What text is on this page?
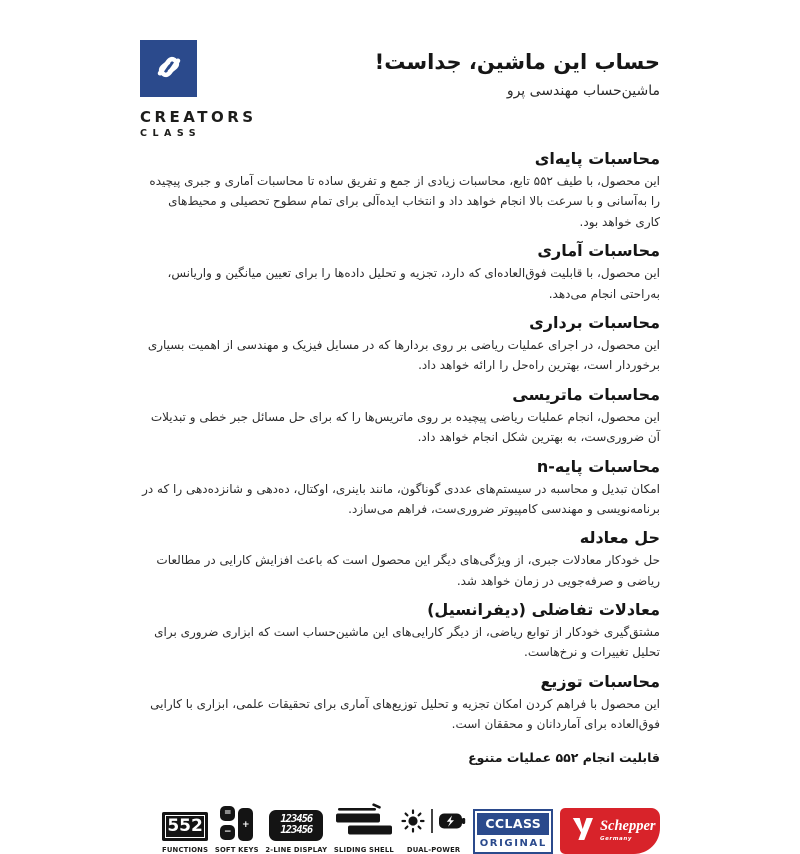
CREATORS
CLASS
حساب این ماشین، جداست!
ماشین‌حساب مهندسی پرو
محاسبات پایه‌ای

این محصول، با طیف ۵۵۲ تابع، محاسبات زیادی از جمع و تفریق ساده تا محاسبات آماری و جبری پیچیده را به‌آسانی و با سرعت بالا انجام خواهد داد و انتخاب ایده‌آلی برای تمام سطوح تحصیلی و محیط‌های کاری خواهد بود.

محاسبات آماری

این محصول، با قابلیت فوق‌العاده‌ای که دارد، تجزیه و تحلیل داده‌ها را برای تعیین میانگین و واریانس، به‌راحتی انجام می‌دهد.

محاسبات برداری

این محصول، در اجرای عملیات ریاضی بر روی بردارها که در مسایل فیزیک و مهندسی از اهمیت بسیاری برخوردار است، بهترین راه‌حل را ارائه خواهد داد.

محاسبات ماتریسی

این محصول، انجام عملیات ریاضی پیچیده بر روی ماتریس‌ها را که برای حل مسائل جبر خطی و تبدیلات آن ضروری‌ست، به بهترین شکل انجام خواهد داد.

محاسبات پایه-n

امکان تبدیل و محاسبه در سیستم‌های عددی گوناگون، مانند باینری، اوکتال، ده‌دهی و شانزده‌دهی را که در برنامه‌نویسی و مهندسی کامپیوتر ضروری‌ست، فراهم می‌سازد.

حل معادله

حل خودکار معادلات جبری، از ویژگی‌های دیگر این محصول است که باعث افزایش کارایی در مطالعات ریاضی و صرفه‌جویی در زمان خواهد شد.

معادلات تفاضلی (دیفرانسیل)

مشتق‌گیری خودکار از توابع ریاضی، از دیگر کارایی‌های این ماشین‌حساب است که ابزاری ضروری برای تحلیل تغییرات و نرخ‌هاست.

محاسبات توزیع

این محصول با فراهم کردن امکان تجزیه و تحلیل توزیع‌های آماری برای تحقیقات علمی، ابزاری با کارایی فوق‌العاده برای آماردانان و محققان است.

قابلیت انجام ۵۵۲ عملیات متنوع
552
FUNCTIONS
=
−
+
SOFT KEYS
123456
123456
2-LINE DISPLAY SLIDING SHELL DUAL-POWER
CCLASS
ORIGINAL
Schepper
Germany
